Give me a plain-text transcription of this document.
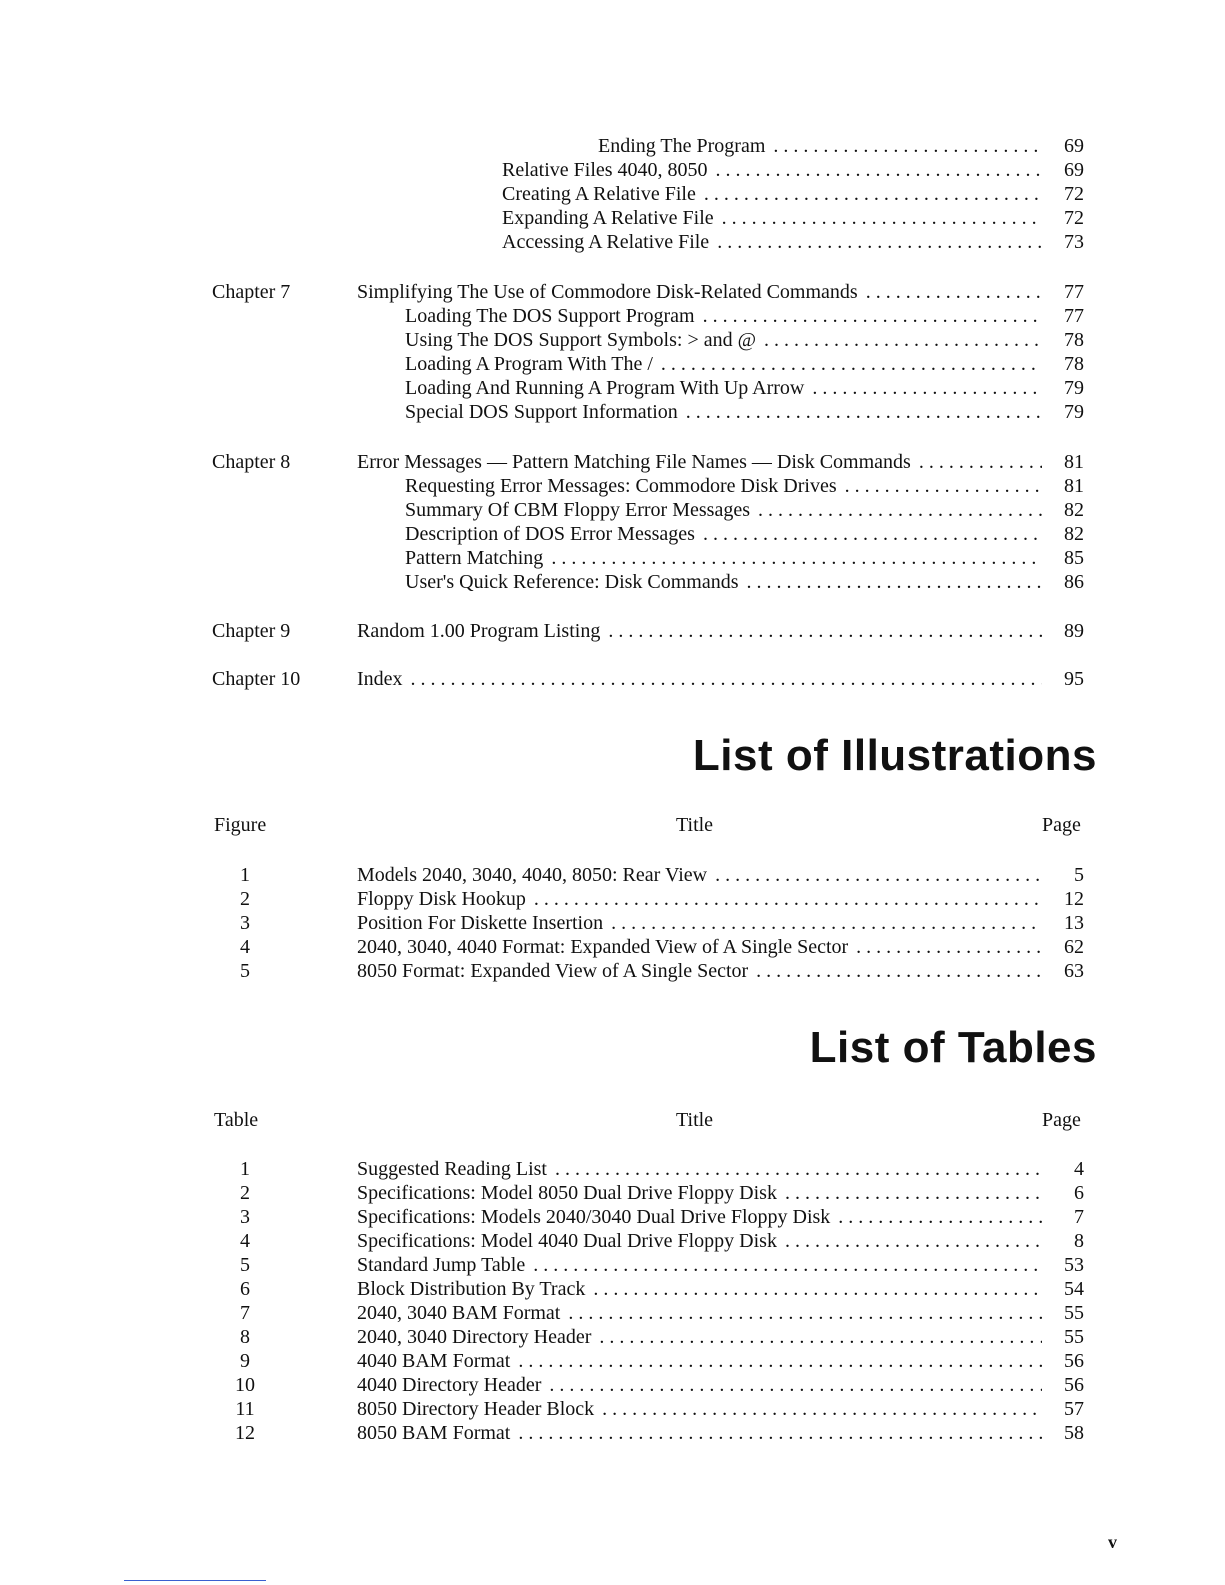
Ending The Program . . .	69
Relative Files 4040, 8050 . . .	69
Creating A Relative File . . .	72
Expanding A Relative File . . .	72
Accessing A Relative File . . .	73
Chapter 7	Simplifying The Use of Commodore Disk-Related Commands . . .	77
Loading The DOS Support Program . . .	77
Using The DOS Support Symbols: > and @ . . .	78
Loading A Program With The / . . .	78
Loading And Running A Program With Up Arrow . . .	79
Special DOS Support Information . . .	79
Chapter 8	Error Messages — Pattern Matching File Names — Disk Commands . . .	81
Requesting Error Messages: Commodore Disk Drives . . .	81
Summary Of CBM Floppy Error Messages . . .	82
Description of DOS Error Messages . . .	82
Pattern Matching . . .	85
User's Quick Reference: Disk Commands . . .	86
Chapter 9	Random 1.00 Program Listing . . .	89
Chapter 10	Index . . .	95
List of Illustrations
Figure	Title	Page
1	Models 2040, 3040, 4040, 8050: Rear View . . .	5
2	Floppy Disk Hookup . . .	12
3	Position For Diskette Insertion . . .	13
4	2040, 3040, 4040 Format: Expanded View of A Single Sector . . .	62
5	8050 Format: Expanded View of A Single Sector . . .	63
List of Tables
Table	Title	Page
1	Suggested Reading List . . .	4
2	Specifications: Model 8050 Dual Drive Floppy Disk . . .	6
3	Specifications: Models 2040/3040 Dual Drive Floppy Disk . . .	7
4	Specifications: Model 4040 Dual Drive Floppy Disk . . .	8
5	Standard Jump Table . . .	53
6	Block Distribution By Track . . .	54
7	2040, 3040 BAM Format . . .	55
8	2040, 3040 Directory Header . . .	55
9	4040 BAM Format . . .	56
10	4040 Directory Header . . .	56
11	8050 Directory Header Block . . .	57
12	8050 BAM Format . . .	58
v
